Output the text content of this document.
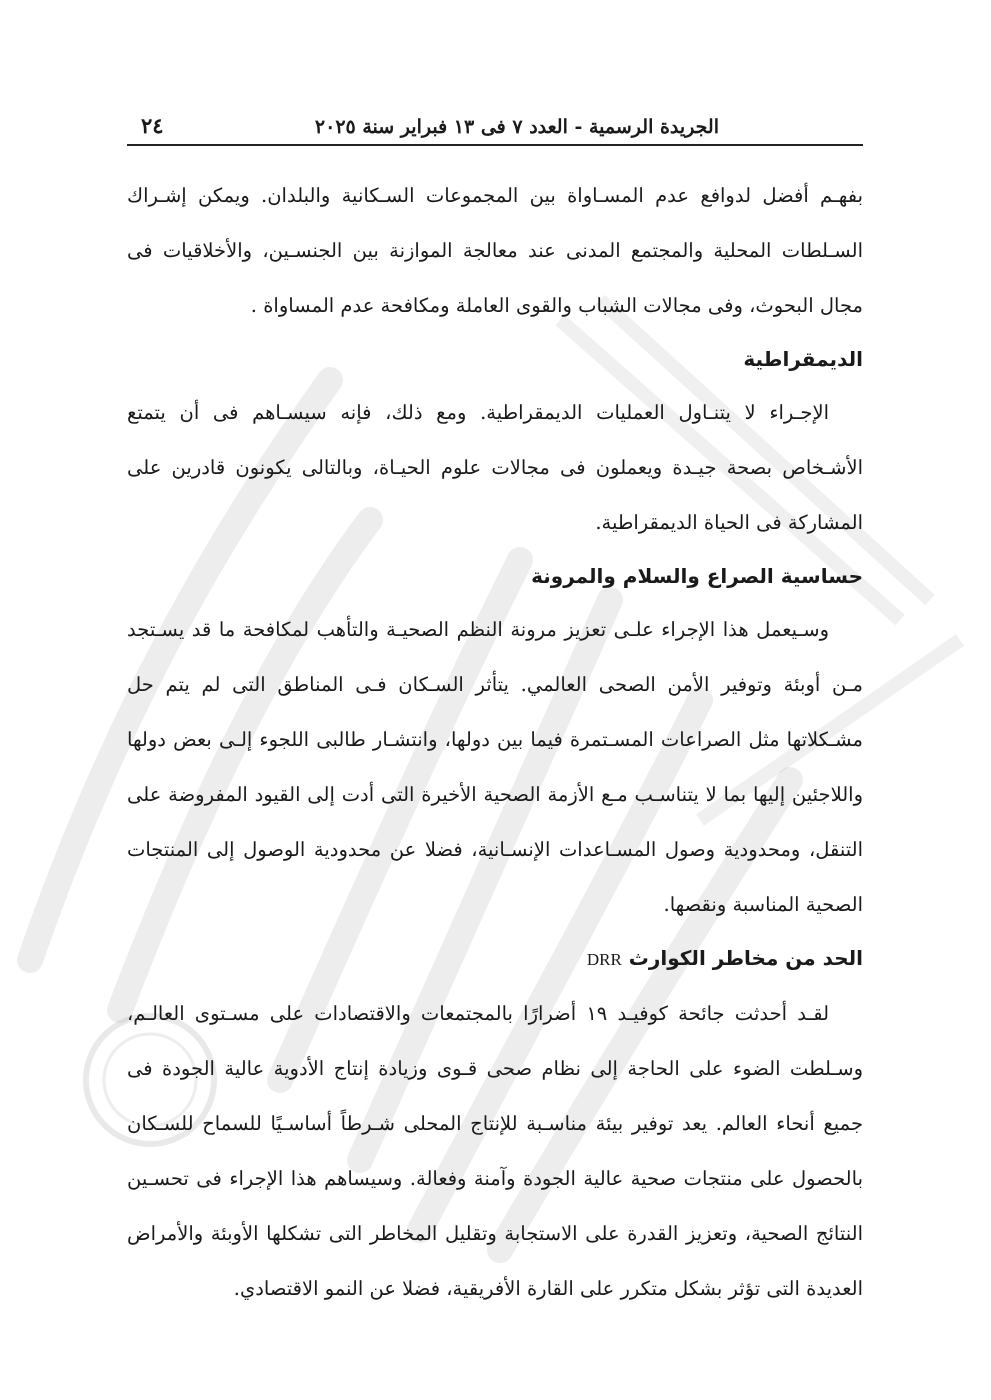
الجريدة الرسمية - العدد ٧ فى ١٣ فبراير سنة ٢٠٢٥
٢٤

بفهـم أفضل لدوافع عدم المسـاواة بين المجموعات السـكانية والبلدان. ويمكن إشـراك السـلطات المحلية والمجتمع المدنى عند معالجة الموازنة بين الجنسـين، والأخلاقيات فى مجال البحوث، وفى مجالات الشباب والقوى العاملة ومكافحة عدم المساواة .

الديمقراطية

الإجـراء لا يتنـاول العمليات الديمقراطية. ومع ذلك، فإنه سيسـاهم فى أن يتمتع الأشـخاص بصحة جيـدة ويعملون فى مجالات علوم الحيـاة، وبالتالى يكونون قادرين على المشاركة فى الحياة الديمقراطية.

حساسية الصراع والسلام والمرونة

وسـيعمل هذا الإجراء علـى تعزيز مرونة النظم الصحيـة والتأهب لمكافحة ما قد يسـتجد مـن أوبئة وتوفير الأمن الصحى العالمي. يتأثر السـكان فـى المناطق التى لم يتم حل مشـكلاتها مثل الصراعات المسـتمرة فيما بين دولها، وانتشـار طالبى اللجوء إلـى بعض دولها واللاجئين إليها بما لا يتناسـب مـع الأزمة الصحية الأخيرة التى أدت إلى القيود المفروضة على التنقل، ومحدودية وصول المسـاعدات الإنسـانية، فضلا عن محدودية الوصول إلى المنتجات الصحية المناسبة ونقصها.

الحد من مخاطر الكوارث DRR

لقـد أحدثت جائحة كوفيـد ١٩ أضرارًا بالمجتمعات والاقتصادات على مسـتوى العالـم، وسـلطت الضوء على الحاجة إلى نظام صحى قـوى وزيادة إنتاج الأدوية عالية الجودة فى جميع أنحاء العالم. يعد توفير بيئة مناسـبة للإنتاج المحلى شـرطاً أساسـيًا للسماح للسـكان بالحصول على منتجات صحية عالية الجودة وآمنة وفعالة. وسيساهم هذا الإجراء فى تحسـين النتائج الصحية، وتعزيز القدرة على الاستجابة وتقليل المخاطر التى تشكلها الأوبئة والأمراض العديدة التى تؤثر بشكل متكرر على القارة الأفريقية، فضلا عن النمو الاقتصادي.
